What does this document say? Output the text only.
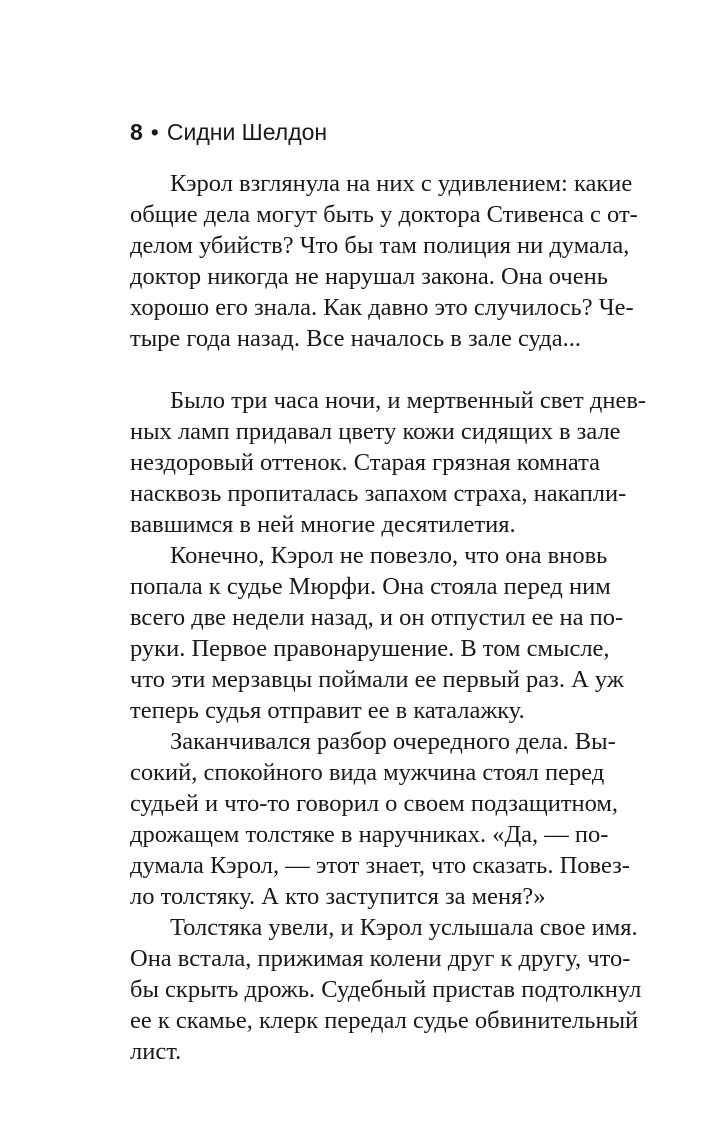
8 • Сидни Шелдон
Кэрол взглянула на них с удивлением: какие
общие дела могут быть у доктора Стивенса с от-
делом убийств? Что бы там полиция ни думала,
доктор никогда не нарушал закона. Она очень
хорошо его знала. Как давно это случилось? Че-
тыре года назад. Все началось в зале суда...
Было три часа ночи, и мертвенный свет днев-
ных ламп придавал цвету кожи сидящих в зале
нездоровый оттенок. Старая грязная комната
насквозь пропиталась запахом страха, накапли-
вавшимся в ней многие десятилетия.
Конечно, Кэрол не повезло, что она вновь
попала к судье Мюрфи. Она стояла перед ним
всего две недели назад, и он отпустил ее на по-
руки. Первое правонарушение. В том смысле,
что эти мерзавцы поймали ее первый раз. А уж
теперь судья отправит ее в каталажку.
Заканчивался разбор очередного дела. Вы-
сокий, спокойного вида мужчина стоял перед
судьей и что-то говорил о своем подзащитном,
дрожащем толстяке в наручниках. «Да, — по-
думала Кэрол, — этот знает, что сказать. Повез-
ло толстяку. А кто заступится за меня?»
Толстяка увели, и Кэрол услышала свое имя.
Она встала, прижимая колени друг к другу, что-
бы скрыть дрожь. Судебный пристав подтолкнул
ее к скамье, клерк передал судье обвинительный
лист.
